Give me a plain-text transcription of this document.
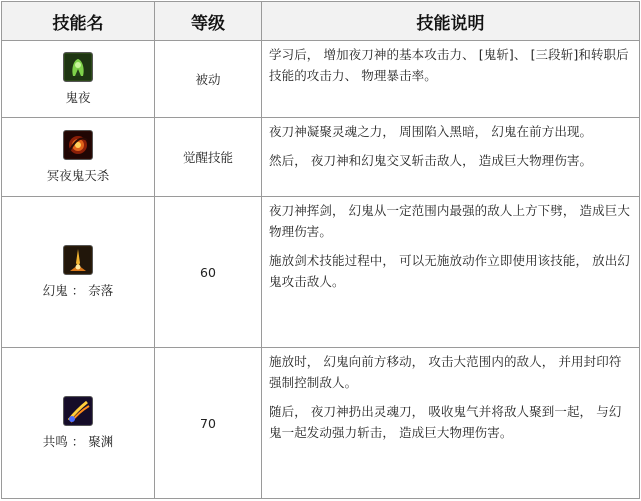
技能名	等级	技能说明

鬼夜	被动	学习后， 增加夜刀神的基本攻击力、 [鬼斩]、 [三段斩]和转职后技能的攻击力、 物理暴击率。

冥夜鬼天杀	觉醒技能	夜刀神凝聚灵魂之力， 周围陷入黑暗， 幻鬼在前方出现。

然后， 夜刀神和幻鬼交叉斩击敌人， 造成巨大物理伤害。

幻鬼 ： 奈落	60	夜刀神挥剑， 幻鬼从一定范围内最强的敌人上方下劈， 造成巨大物理伤害。

施放剑术技能过程中， 可以无施放动作立即使用该技能， 放出幻鬼攻击敌人。

共鸣 ： 聚渊	70	施放时， 幻鬼向前方移动， 攻击大范围内的敌人， 并用封印符强制控制敌人。

随后， 夜刀神扔出灵魂刀， 吸收鬼气并将敌人聚到一起， 与幻鬼一起发动强力斩击， 造成巨大物理伤害。
